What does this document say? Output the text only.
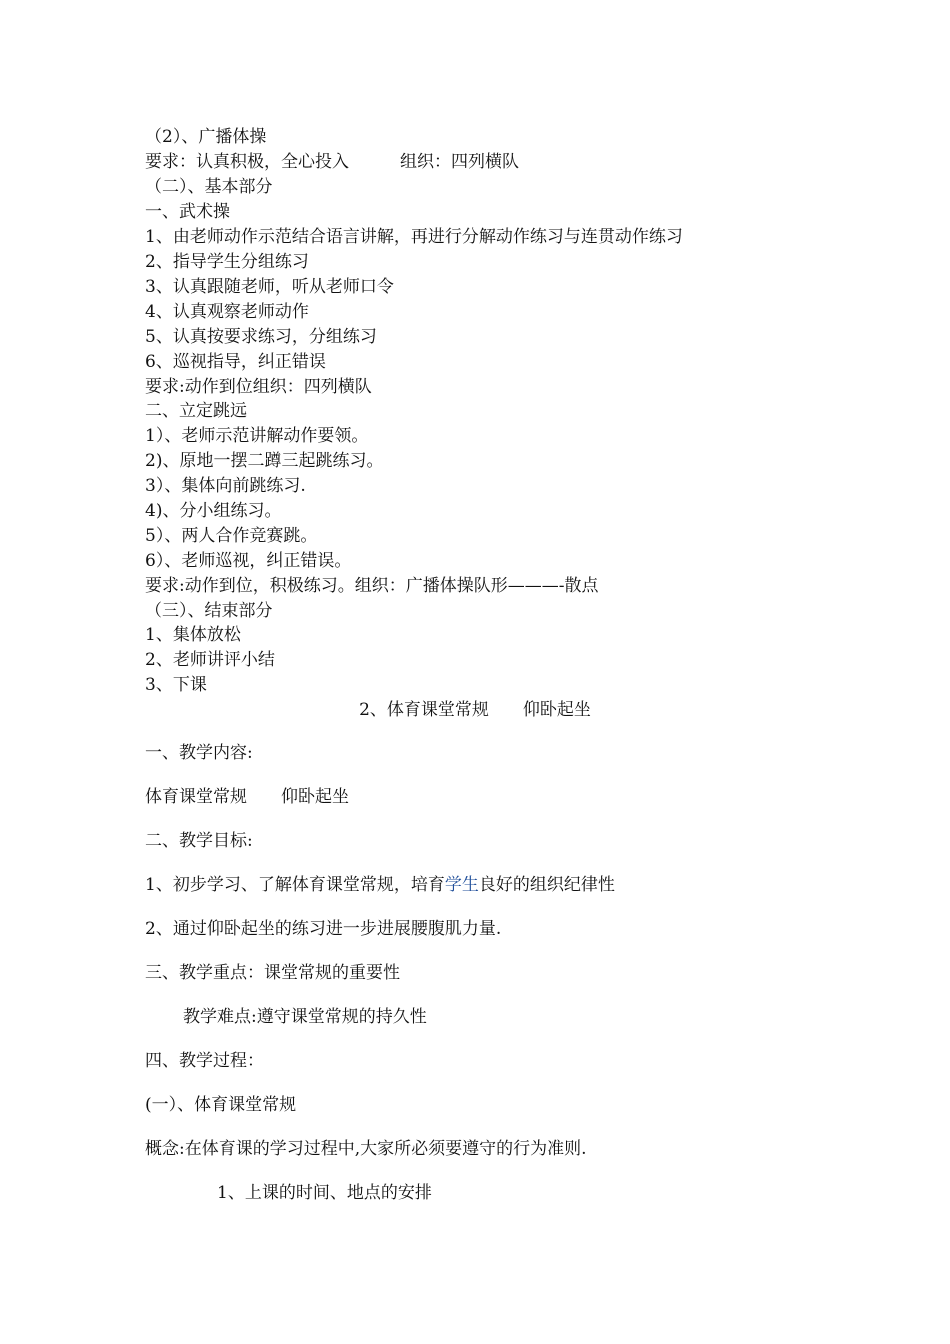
（2）、广播体操
要求：认真积极，全心投入　　　组织：四列横队
（二）、基本部分
一、武术操
1、由老师动作示范结合语言讲解，再进行分解动作练习与连贯动作练习
2、指导学生分组练习
3、认真跟随老师，听从老师口令
4、认真观察老师动作
5、认真按要求练习，分组练习
6、巡视指导，纠正错误
要求:动作到位组织：四列横队
二、立定跳远
1）、老师示范讲解动作要领。
2)、原地一摆二蹲三起跳练习。
3）、集体向前跳练习.
4)、分小组练习。
5）、两人合作竞赛跳。
6）、老师巡视，纠正错误。
要求:动作到位，积极练习。组织：广播体操队形———-散点
（三）、结束部分
1、集体放松
2、老师讲评小结
3、下课
2、体育课堂常规　　仰卧起坐
一、教学内容:
体育课堂常规　　仰卧起坐
二、教学目标:
1、初步学习、了解体育课堂常规，培育学生良好的组织纪律性
2、通过仰卧起坐的练习进一步进展腰腹肌力量.
三、教学重点：课堂常规的重要性
教学难点:遵守课堂常规的持久性
四、教学过程：
(一）、体育课堂常规
概念:在体育课的学习过程中,大家所必须要遵守的行为准则.
1、上课的时间、地点的安排
